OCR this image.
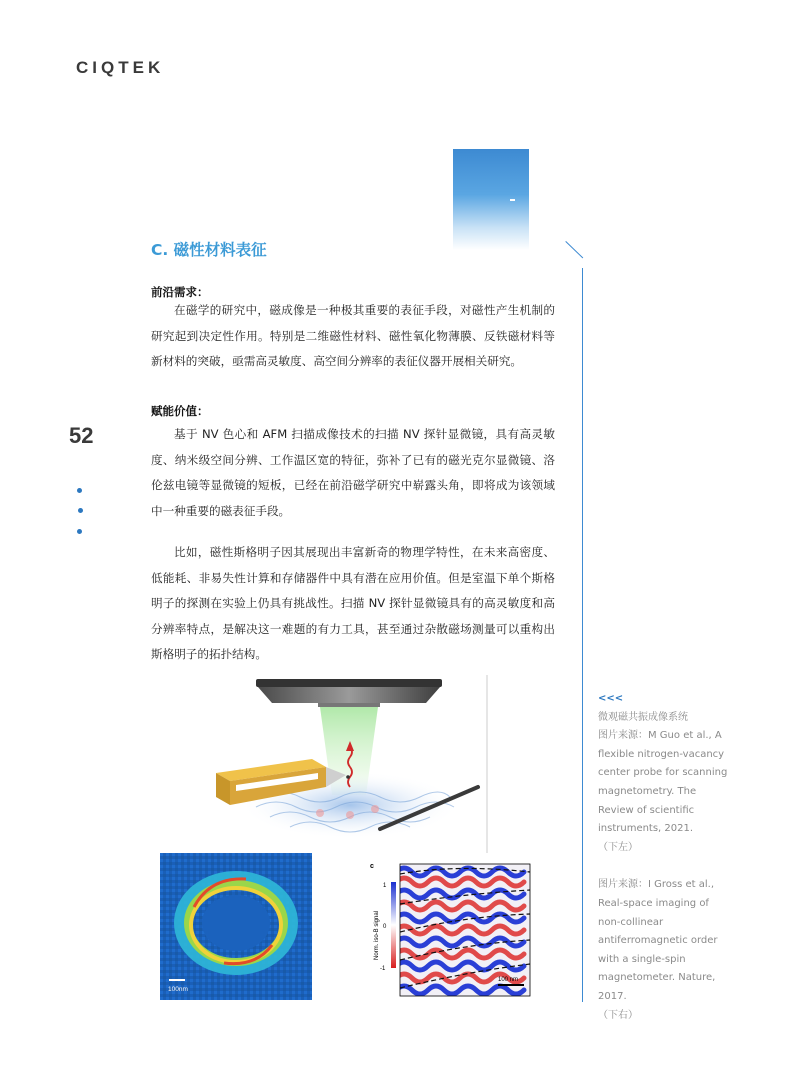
CIQTEK
52
C. 磁性材料表征
前沿需求：

在磁学的研究中，磁成像是一种极其重要的表征手段，对磁性产生机制的研究起到决定性作用。特别是二维磁性材料、磁性氧化物薄膜、反铁磁材料等新材料的突破，亟需高灵敏度、高空间分辨率的表征仪器开展相关研究。

赋能价值：

基于 NV 色心和 AFM 扫描成像技术的扫描 NV 探针显微镜，具有高灵敏度、纳米级空间分辨、工作温区宽的特征，弥补了已有的磁光克尔显微镜、洛伦兹电镜等显微镜的短板，已经在前沿磁学研究中崭露头角，即将成为该领域中一种重要的磁表征手段。

比如，磁性斯格明子因其展现出丰富新奇的物理学特性，在未来高密度、低能耗、非易失性计算和存储器件中具有潜在应用价值。但是室温下单个斯格明子的探测在实验上仍具有挑战性。扫描 NV 探针显微镜具有的高灵敏度和高分辨率特点，是解决这一难题的有力工具，甚至通过杂散磁场测量可以重构出斯格明子的拓扑结构。

100nm
c
Norm. iso-B signal
1
0
-1
100 nm
<<<
微观磁共振成像系统
图片来源：M Guo et al., A flexible nitrogen-vacancy center probe for scanning magnetometry. The Review of scientific instruments, 2021.
（下左）
图片来源：I Gross et al., Real-space imaging of non-collinear antiferromagnetic order with a single-spin magnetometer. Nature, 2017.
（下右）
